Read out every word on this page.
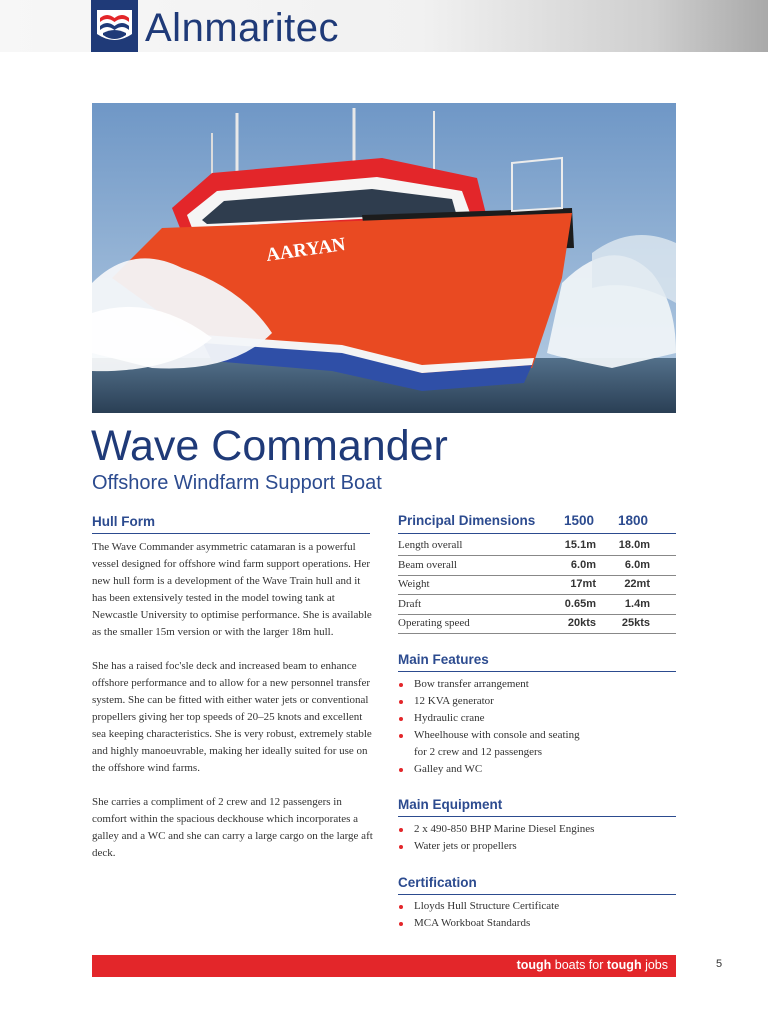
Alnmaritec
AARYAN
Wave Commander
Offshore Windfarm Support Boat
Hull Form

The Wave Commander asymmetric catamaran is a powerful vessel designed for offshore wind farm support operations. Her new hull form is a development of the Wave Train hull and it has been extensively tested in the model towing tank at Newcastle University to optimise performance. She is available as the smaller 15m version or with the larger 18m hull.

She has a raised foc'sle deck and increased beam to enhance offshore performance and to allow for a new personnel transfer system. She can be fitted with either water jets or conventional propellers giving her top speeds of 20–25 knots and excellent sea keeping characteristics. She is very robust, extremely stable and highly manoeuvrable, making her ideally suited for use on the offshore wind farms.

She carries a compliment of 2 crew and 12 passengers in comfort within the spacious deckhouse which incorporates a galley and a WC and she can carry a large cargo on the large aft deck.

Principal Dimensions 1500 1800
Length overall	15.1m 18.0m
Beam overall	6.0m	6.0m
Weight	17mt	22mt
Draft	0.65m	1.4m
Operating speed	20kts 25kts
Main Features
Bow transfer arrangement
12 KVA generator
Hydraulic crane
Wheelhouse with console and seating
for 2 crew and 12 passengers
Galley and WC
Main Equipment
2 x 490-850 BHP Marine Diesel Engines
Water jets or propellers
Certification
Lloyds Hull Structure Certificate
MCA Workboat Standards
tough boats for tough jobs	5
